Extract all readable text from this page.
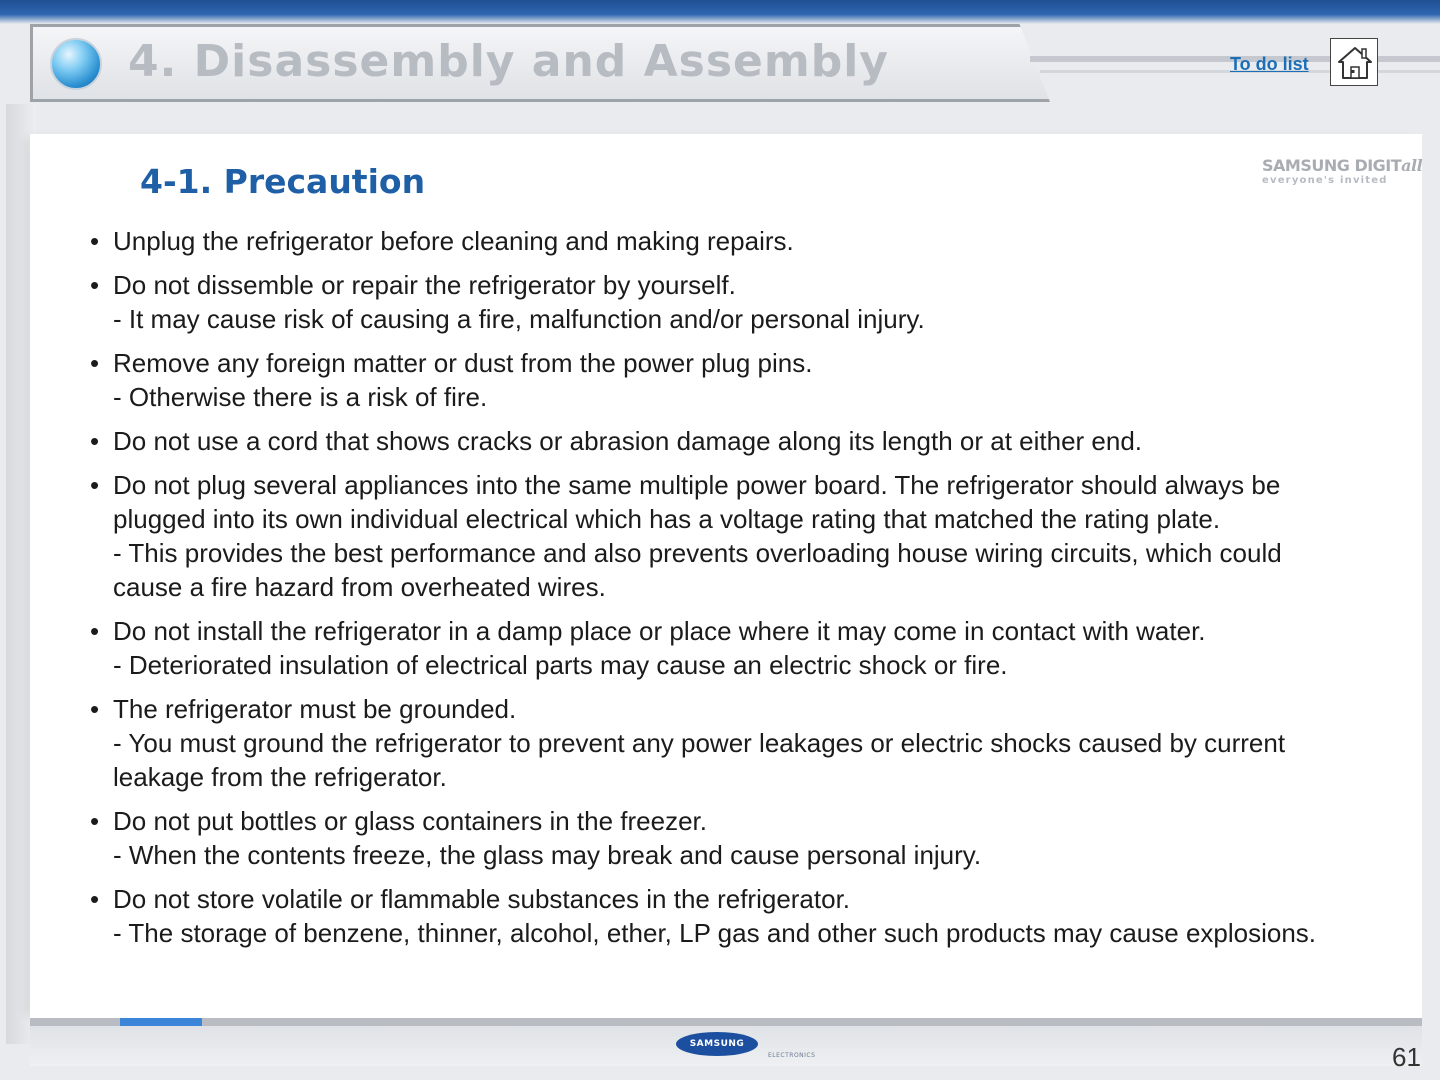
4. Disassembly and Assembly	To do list
SAMSUNG DIGITall
everyone's invited
4-1. Precaution
• Unplug the refrigerator before cleaning and making repairs.
• Do not dissemble or repair the refrigerator by yourself.
- It may cause risk of causing a fire, malfunction and/or personal injury.
• Remove any foreign matter or dust from the power plug pins.
- Otherwise there is a risk of fire.
• Do not use a cord that shows cracks or abrasion damage along its length or at either end.
• Do not plug several appliances into the same multiple power board. The refrigerator should always be
plugged into its own individual electrical which has a voltage rating that matched the rating plate.
- This provides the best performance and also prevents overloading house wiring circuits, which could
cause a fire hazard from overheated wires.
• Do not install the refrigerator in a damp place or place where it may come in contact with water.
- Deteriorated insulation of electrical parts may cause an electric shock or fire.
• The refrigerator must be grounded.
- You must ground the refrigerator to prevent any power leakages or electric shocks caused by current
leakage from the refrigerator.
• Do not put bottles or glass containers in the freezer.
- When the contents freeze, the glass may break and cause personal injury.
• Do not store volatile or flammable substances in the refrigerator.
- The storage of benzene, thinner, alcohol, ether, LP gas and other such products may cause explosions.
SAMSUNG
ELECTRONICS	61
